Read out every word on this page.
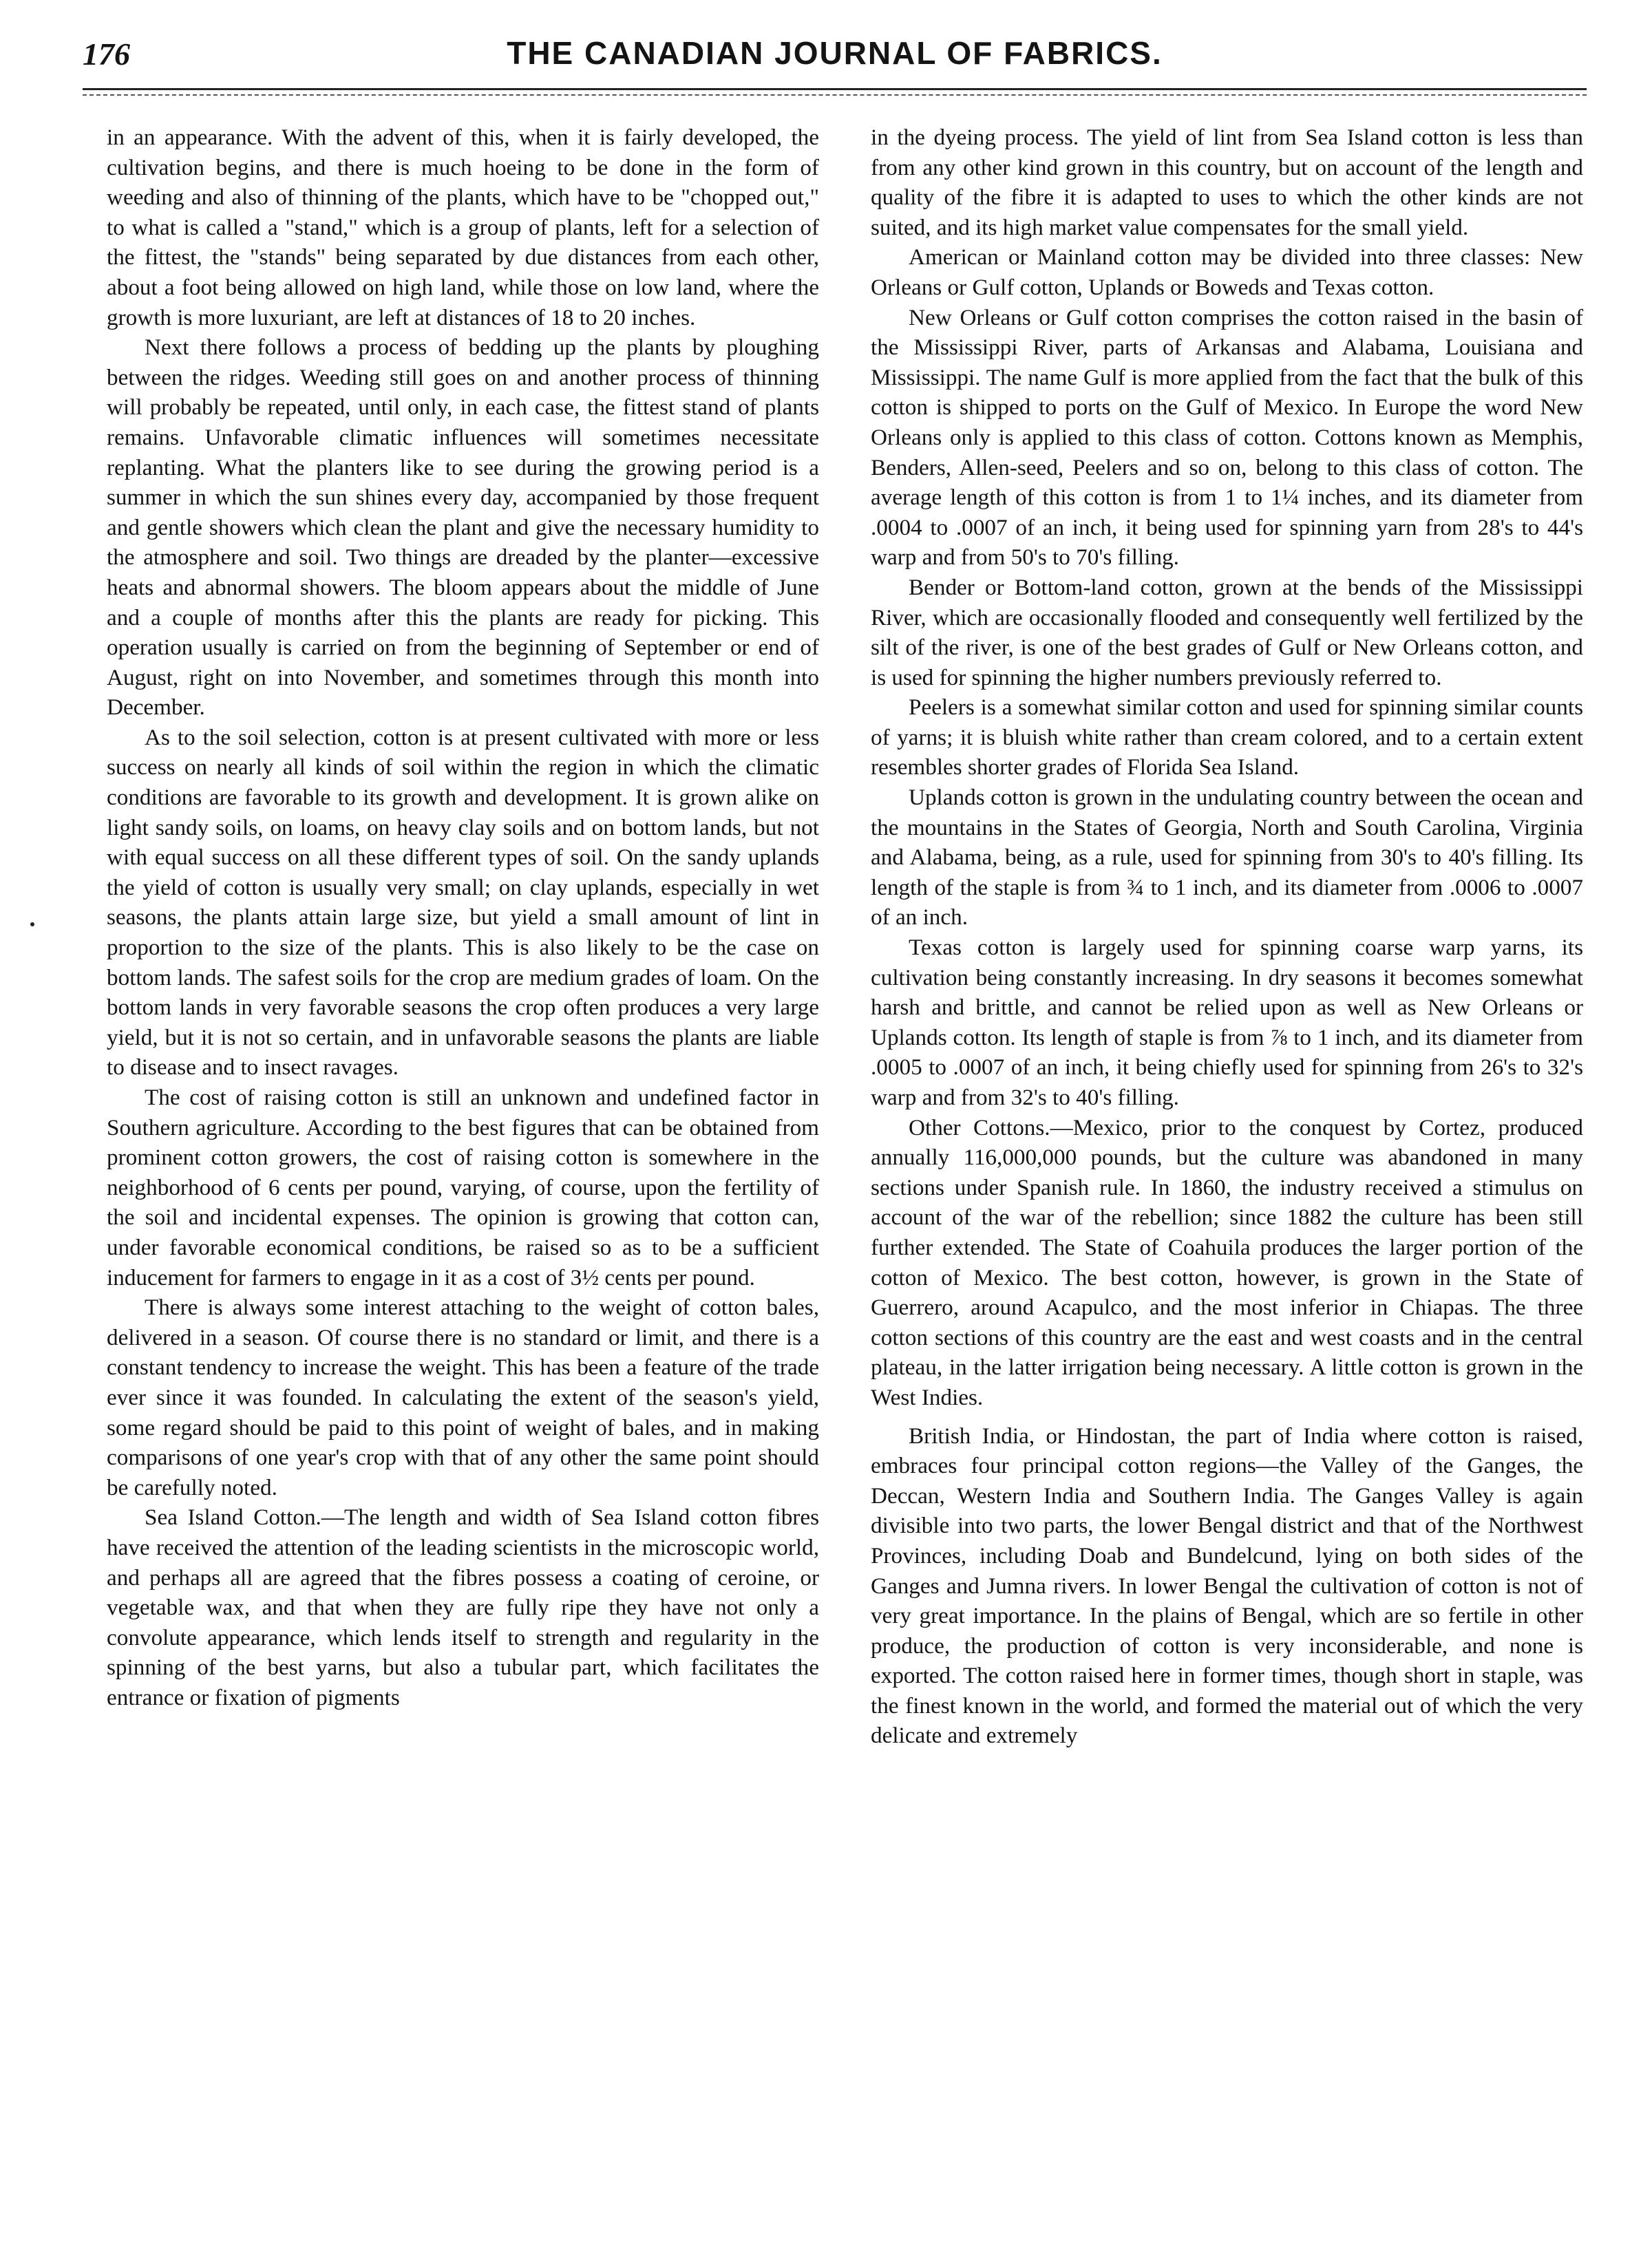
176	THE CANADIAN JOURNAL OF FABRICS.

in an appearance. With the advent of this, when it is fairly developed, the cultivation begins, and there is much hoeing to be done in the form of weeding and also of thinning of the plants, which have to be "chopped out," to what is called a "stand," which is a group of plants, left for a selection of the fittest, the "stands" being separated by due distances from each other, about a foot being allowed on high land, while those on low land, where the growth is more luxuriant, are left at distances of 18 to 20 inches.

Next there follows a process of bedding up the plants by ploughing between the ridges. Weeding still goes on and another process of thinning will probably be repeated, until only, in each case, the fittest stand of plants remains. Unfavorable climatic influences will sometimes necessitate replanting. What the planters like to see during the growing period is a summer in which the sun shines every day, accompanied by those frequent and gentle showers which clean the plant and give the necessary humidity to the atmosphere and soil. Two things are dreaded by the planter—excessive heats and abnormal showers. The bloom appears about the middle of June and a couple of months after this the plants are ready for picking. This operation usually is carried on from the beginning of September or end of August, right on into November, and sometimes through this month into December.

As to the soil selection, cotton is at present cultivated with more or less success on nearly all kinds of soil within the region in which the climatic conditions are favorable to its growth and development. It is grown alike on light sandy soils, on loams, on heavy clay soils and on bottom lands, but not with equal success on all these different types of soil. On the sandy uplands the yield of cotton is usually very small; on clay uplands, especially in wet seasons, the plants attain large size, but yield a small amount of lint in proportion to the size of the plants. This is also likely to be the case on bottom lands. The safest soils for the crop are medium grades of loam. On the bottom lands in very favorable seasons the crop often produces a very large yield, but it is not so certain, and in unfavorable seasons the plants are liable to disease and to insect ravages.

The cost of raising cotton is still an unknown and undefined factor in Southern agriculture. According to the best figures that can be obtained from prominent cotton growers, the cost of raising cotton is somewhere in the neighborhood of 6 cents per pound, varying, of course, upon the fertility of the soil and incidental expenses. The opinion is growing that cotton can, under favorable economical conditions, be raised so as to be a sufficient inducement for farmers to engage in it as a cost of 3½ cents per pound.

There is always some interest attaching to the weight of cotton bales, delivered in a season. Of course there is no standard or limit, and there is a constant tendency to increase the weight. This has been a feature of the trade ever since it was founded. In calculating the extent of the season's yield, some regard should be paid to this point of weight of bales, and in making comparisons of one year's crop with that of any other the same point should be carefully noted.

Sea Island Cotton.—The length and width of Sea Island cotton fibres have received the attention of the leading scientists in the microscopic world, and perhaps all are agreed that the fibres possess a coating of ceroine, or vegetable wax, and that when they are fully ripe they have not only a convolute appearance, which lends itself to strength and regularity in the spinning of the best yarns, but also a tubular part, which facilitates the entrance or fixation of pigments

in the dyeing process. The yield of lint from Sea Island cotton is less than from any other kind grown in this country, but on account of the length and quality of the fibre it is adapted to uses to which the other kinds are not suited, and its high market value compensates for the small yield.

American or Mainland cotton may be divided into three classes: New Orleans or Gulf cotton, Uplands or Boweds and Texas cotton.

New Orleans or Gulf cotton comprises the cotton raised in the basin of the Mississippi River, parts of Arkansas and Alabama, Louisiana and Mississippi. The name Gulf is more applied from the fact that the bulk of this cotton is shipped to ports on the Gulf of Mexico. In Europe the word New Orleans only is applied to this class of cotton. Cottons known as Memphis, Benders, Allen-seed, Peelers and so on, belong to this class of cotton. The average length of this cotton is from 1 to 1¼ inches, and its diameter from .0004 to .0007 of an inch, it being used for spinning yarn from 28's to 44's warp and from 50's to 70's filling.

Bender or Bottom-land cotton, grown at the bends of the Mississippi River, which are occasionally flooded and consequently well fertilized by the silt of the river, is one of the best grades of Gulf or New Orleans cotton, and is used for spinning the higher numbers previously referred to.

Peelers is a somewhat similar cotton and used for spinning similar counts of yarns; it is bluish white rather than cream colored, and to a certain extent resembles shorter grades of Florida Sea Island.

Uplands cotton is grown in the undulating country between the ocean and the mountains in the States of Georgia, North and South Carolina, Virginia and Alabama, being, as a rule, used for spinning from 30's to 40's filling. Its length of the staple is from ¾ to 1 inch, and its diameter from .0006 to .0007 of an inch.

Texas cotton is largely used for spinning coarse warp yarns, its cultivation being constantly increasing. In dry seasons it becomes somewhat harsh and brittle, and cannot be relied upon as well as New Orleans or Uplands cotton. Its length of staple is from ⅞ to 1 inch, and its diameter from .0005 to .0007 of an inch, it being chiefly used for spinning from 26's to 32's warp and from 32's to 40's filling.

Other Cottons.—Mexico, prior to the conquest by Cortez, produced annually 116,000,000 pounds, but the culture was abandoned in many sections under Spanish rule. In 1860, the industry received a stimulus on account of the war of the rebellion; since 1882 the culture has been still further extended. The State of Coahuila produces the larger portion of the cotton of Mexico. The best cotton, however, is grown in the State of Guerrero, around Acapulco, and the most inferior in Chiapas. The three cotton sections of this country are the east and west coasts and in the central plateau, in the latter irrigation being necessary. A little cotton is grown in the West Indies.

British India, or Hindostan, the part of India where cotton is raised, embraces four principal cotton regions—the Valley of the Ganges, the Deccan, Western India and Southern India. The Ganges Valley is again divisible into two parts, the lower Bengal district and that of the Northwest Provinces, including Doab and Bundelcund, lying on both sides of the Ganges and Jumna rivers. In lower Bengal the cultivation of cotton is not of very great importance. In the plains of Bengal, which are so fertile in other produce, the production of cotton is very inconsiderable, and none is exported. The cotton raised here in former times, though short in staple, was the finest known in the world, and formed the material out of which the very delicate and extremely
